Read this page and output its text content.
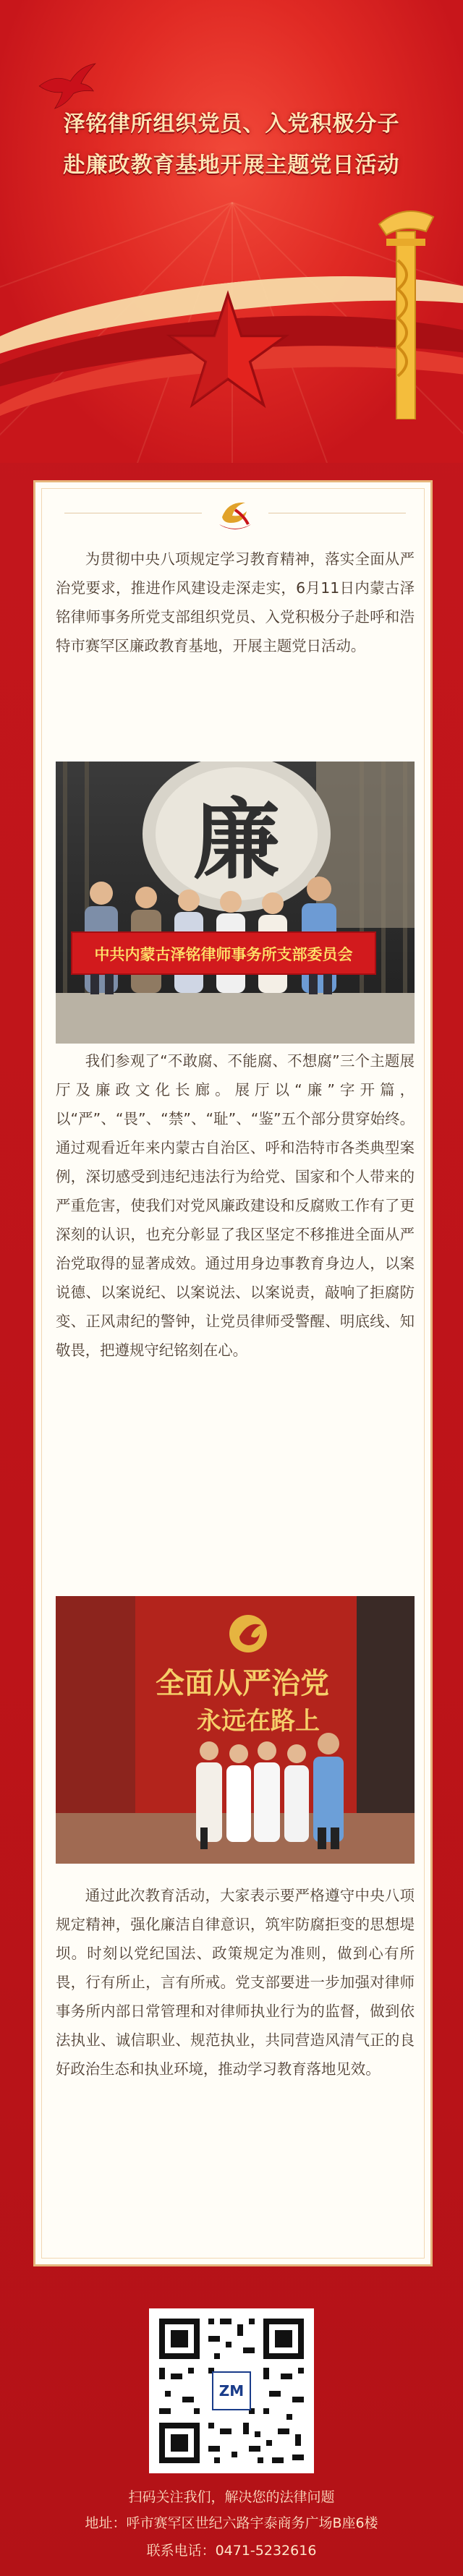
泽铭律所组织党员、入党积极分子
赴廉政教育基地开展主题党日活动

为贯彻中央八项规定学习教育精神，落实全面从严治党要求，推进作风建设走深走实，6月11日内蒙古泽铭律师事务所党支部组织党员、入党积极分子赴呼和浩特市赛罕区廉政教育基地，开展主题党日活动。

中共内蒙古泽铭律师事务所支部委员会
廉

我们参观了“不敢腐、不能腐、不想腐”三个主题展厅及廉政文化长廊。展厅以“廉”字开篇，以“严”、“畏”、“禁”、“耻”、“鉴”五个部分贯穿始终。通过观看近年来内蒙古自治区、呼和浩特市各类典型案例，深切感受到违纪违法行为给党、国家和个人带来的严重危害，使我们对党风廉政建设和反腐败工作有了更深刻的认识，也充分彰显了我区坚定不移推进全面从严治党取得的显著成效。通过用身边事教育身边人，以案说德、以案说纪、以案说法、以案说责，敲响了拒腐防变、正风肃纪的警钟，让党员律师受警醒、明底线、知敬畏，把遵规守纪铭刻在心。

全面从严治党
永远在路上

通过此次教育活动，大家表示要严格遵守中央八项规定精神，强化廉洁自律意识，筑牢防腐拒变的思想堤坝。时刻以党纪国法、政策规定为准则，做到心有所畏，行有所止，言有所戒。党支部要进一步加强对律师事务所内部日常管理和对律师执业行为的监督，做到依法执业、诚信职业、规范执业，共同营造风清气正的良好政治生态和执业环境，推动学习教育落地见效。

ZM
扫码关注我们，解决您的法律问题
地址：呼市赛罕区世纪六路宇泰商务广场B座6楼
联系电话：0471-5232616
